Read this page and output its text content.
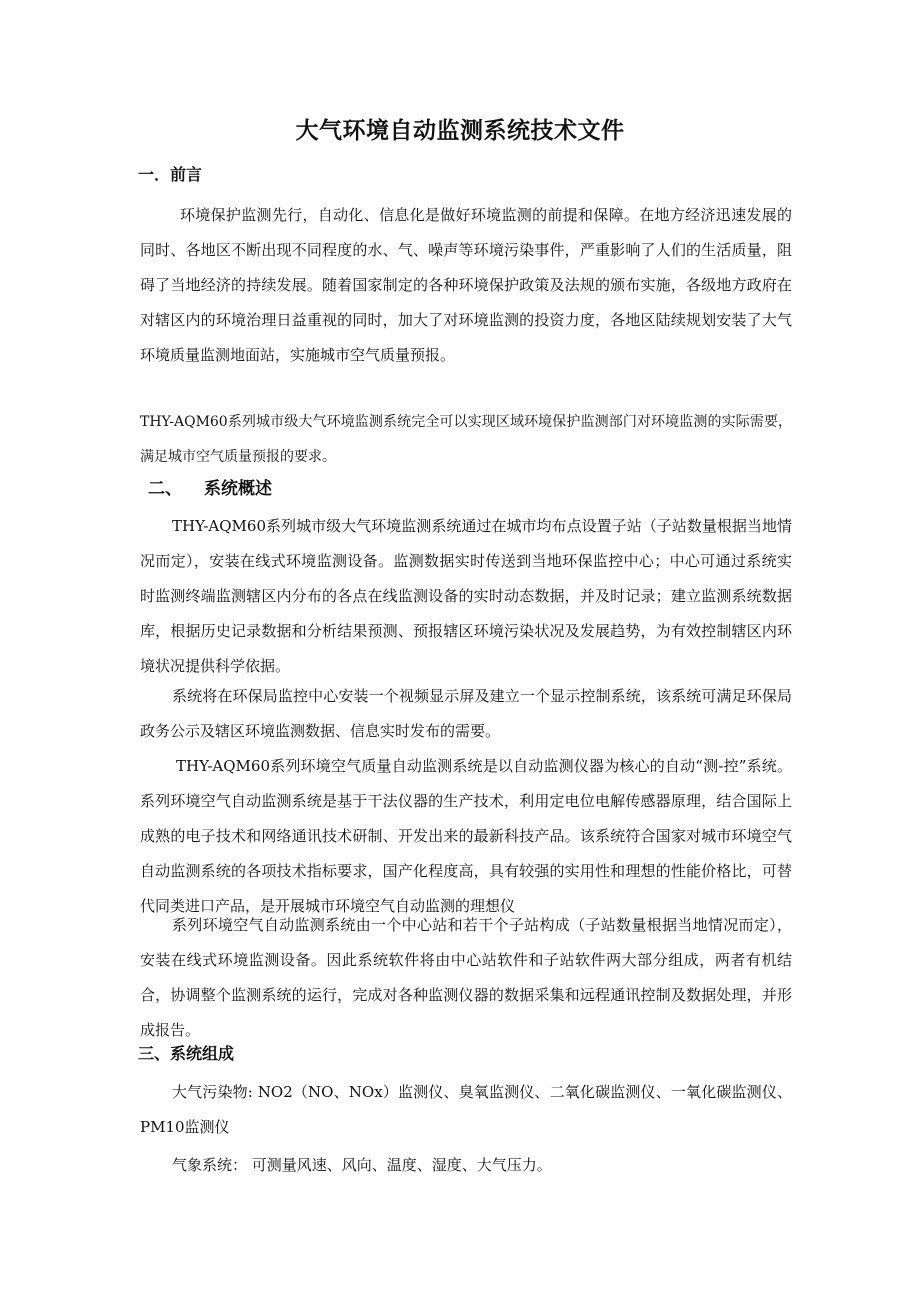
大气环境自动监测系统技术文件
一．前言

环境保护监测先行，自动化、信息化是做好环境监测的前提和保障。在地方经济迅速发展的同时、各地区不断出现不同程度的水、气、噪声等环境污染事件，严重影响了人们的生活质量，阻碍了当地经济的持续发展。随着国家制定的各种环境保护政策及法规的颁布实施，各级地方政府在对辖区内的环境治理日益重视的同时，加大了对环境监测的投资力度，各地区陆续规划安装了大气环境质量监测地面站，实施城市空气质量预报。

THY-AQM60系列城市级大气环境监测系统完全可以实现区域环境保护监测部门对环境监测的实际需要，满足城市空气质量预报的要求。

二、 系统概述

THY-AQM60系列城市级大气环境监测系统通过在城市均布点设置子站（子站数量根据当地情况而定），安装在线式环境监测设备。监测数据实时传送到当地环保监控中心；中心可通过系统实时监测终端监测辖区内分布的各点在线监测设备的实时动态数据，并及时记录；建立监测系统数据库，根据历史记录数据和分析结果预测、预报辖区环境污染状况及发展趋势，为有效控制辖区内环境状况提供科学依据。

系统将在环保局监控中心安装一个视频显示屏及建立一个显示控制系统，该系统可满足环保局政务公示及辖区环境监测数据、信息实时发布的需要。

THY-AQM60系列环境空气质量自动监测系统是以自动监测仪器为核心的自动“测-控”系统。系列环境空气自动监测系统是基于干法仪器的生产技术，利用定电位电解传感器原理，结合国际上成熟的电子技术和网络通讯技术研制、开发出来的最新科技产品。该系统符合国家对城市环境空气自动监测系统的各项技术指标要求，国产化程度高，具有较强的实用性和理想的性能价格比，可替代同类进口产品，是开展城市环境空气自动监测的理想仪

系列环境空气自动监测系统由一个中心站和若干个子站构成（子站数量根据当地情况而定），安装在线式环境监测设备。因此系统软件将由中心站软件和子站软件两大部分组成，两者有机结合，协调整个监测系统的运行，完成对各种监测仪器的数据采集和远程通讯控制及数据处理，并形成报告。

三、系统组成

大气污染物: NO2（NO、NOx）监测仪、臭氧监测仪、二氧化碳监测仪、一氧化碳监测仪、PM10监测仪

气象系统： 可测量风速、风向、温度、湿度、大气压力。
